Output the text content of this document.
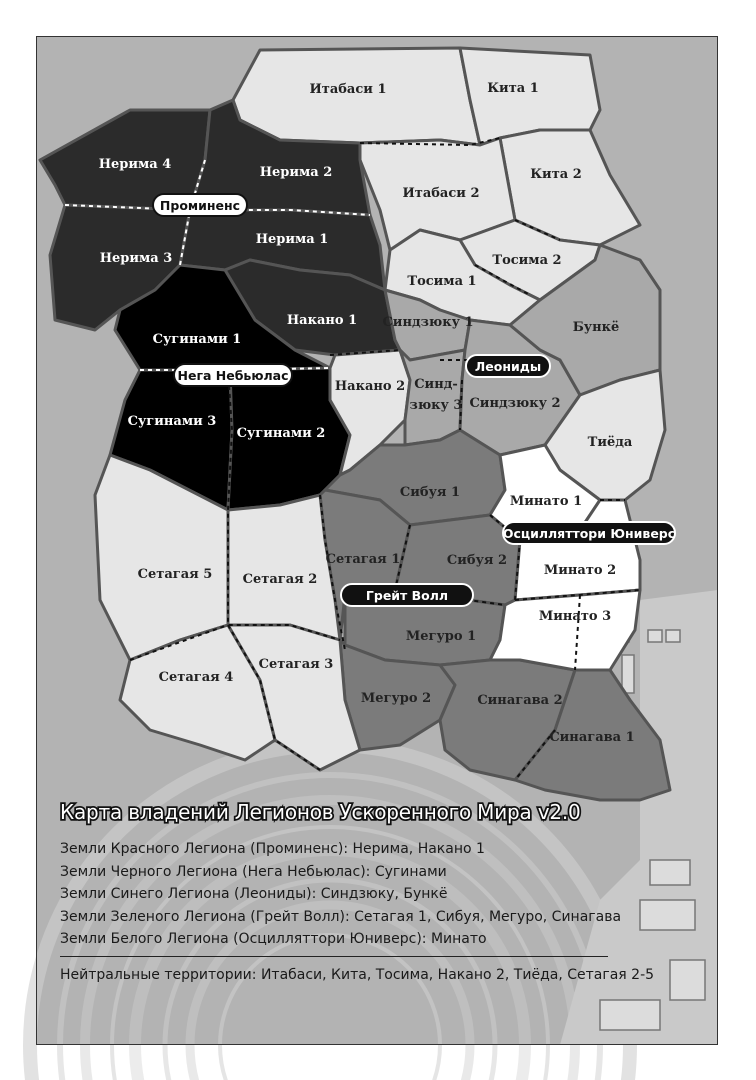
Итабаси 1	Кита 1
Нерима 4
Нерима 2	Кита 2
Итабаси 2
Нерима 3
Нерима 1
Тосима 2
Тосима 1
Бункё
Сугинами 1
Накано 1 Синдзюку 1
Накано 2 Синд-
зюку 3 Синдзюку 2
Сугинами 3
Сугинами 2
Тиёда
Сибуя 1
Минато 1
Сетагая 1	Сибуя 2
Сетагая 5 Сетагая 2
Минато 2
Минато 3
Мегуро 1
Сетагая 4
Сетагая 3
Мегуро 2	Синагава 2
Синагава 1
Проминенс
Нега Небьюлас
Леониды
Осцилляттори Юниверс
Грейт Волл
Карта владений Легионов Ускоренного Мира v2.0
Земли Красного Легиона (Проминенс): Нерима, Накано 1
Земли Черного Легиона (Нега Небьюлас): Сугинами
Земли Синего Легиона (Леониды): Синдзюку, Бункё
Земли Зеленого Легиона (Грейт Волл): Сетагая 1, Сибуя, Мегуро, Синагава
Земли Белого Легиона (Осцилляттори Юниверс): Минато
Нейтральные территории: Итабаси, Кита, Тосима, Накано 2, Тиёда, Сетагая 2-5
